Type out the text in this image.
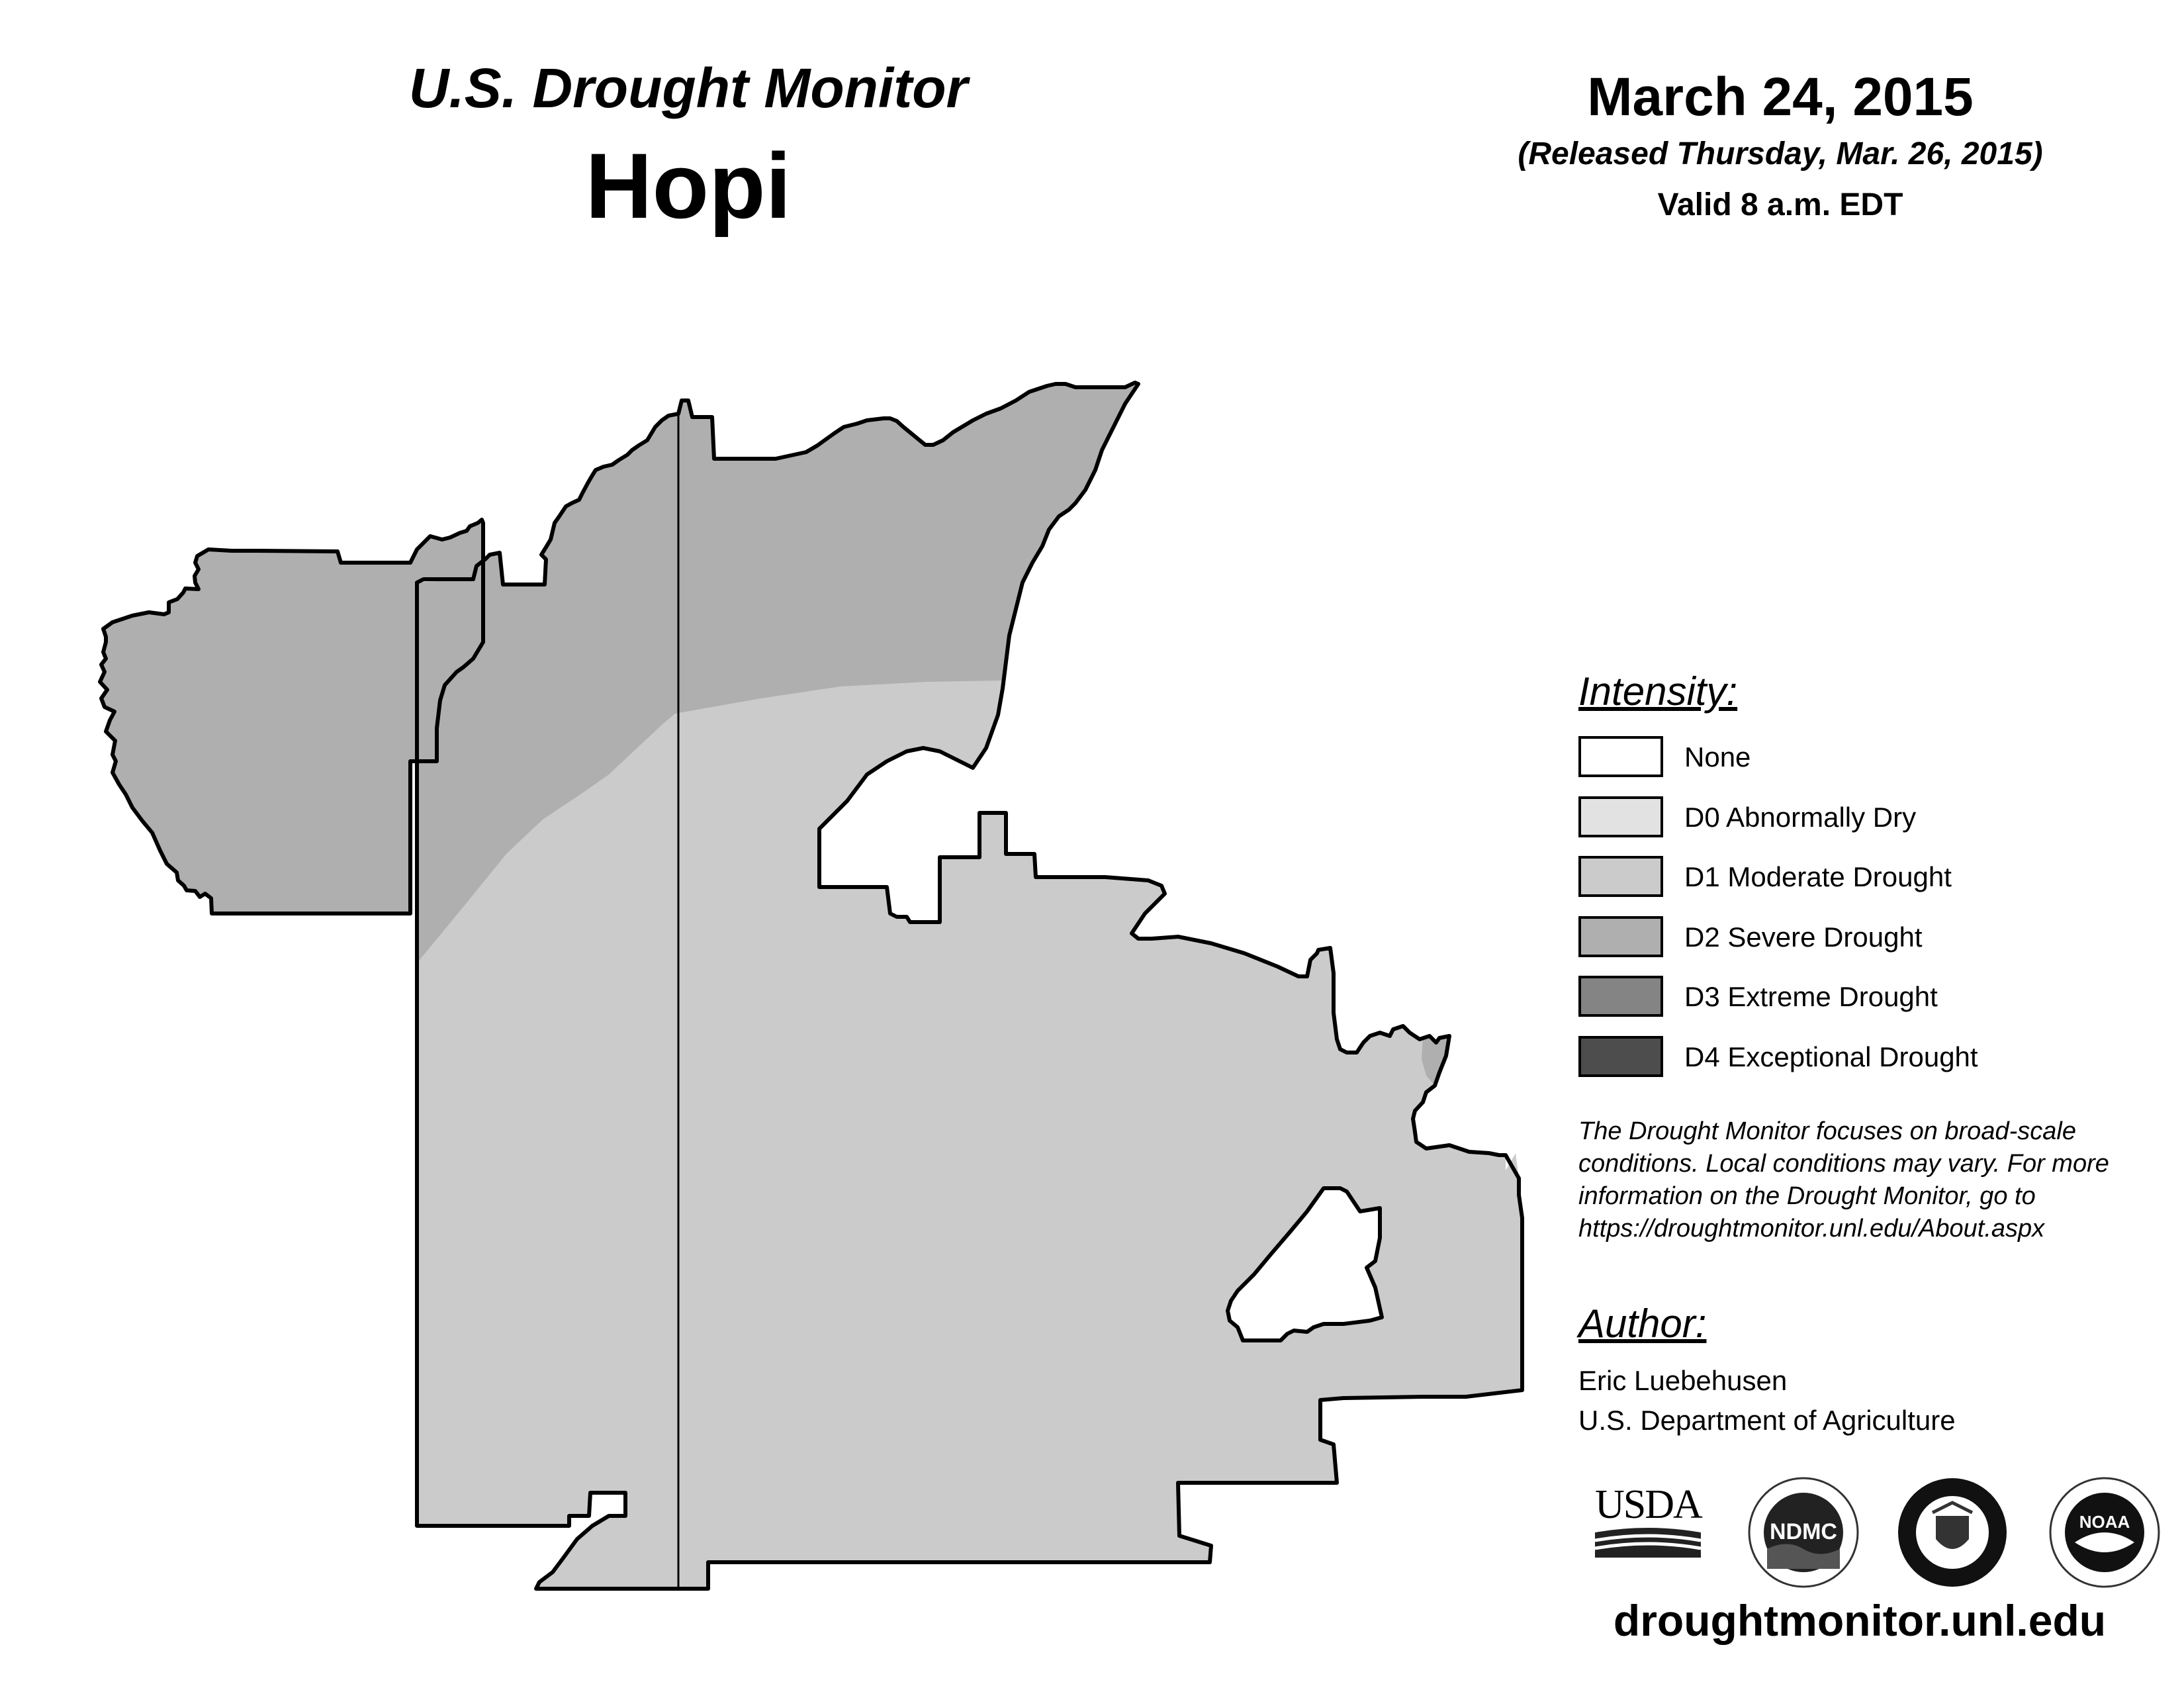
U.S. Drought Monitor
Hopi
March 24, 2015
(Released Thursday, Mar. 26, 2015)
Valid 8 a.m. EDT
Intensity:
None
D0 Abnormally Dry
D1 Moderate Drought
D2 Severe Drought
D3 Extreme Drought
D4 Exceptional Drought
The Drought Monitor focuses on broad-scale
conditions. Local conditions may vary. For more
information on the Drought Monitor, go to
https://droughtmonitor.unl.edu/About.aspx
Author:
Eric Luebehusen
U.S. Department of Agriculture
USDA
NDMC	NOAA
droughtmonitor.unl.edu
